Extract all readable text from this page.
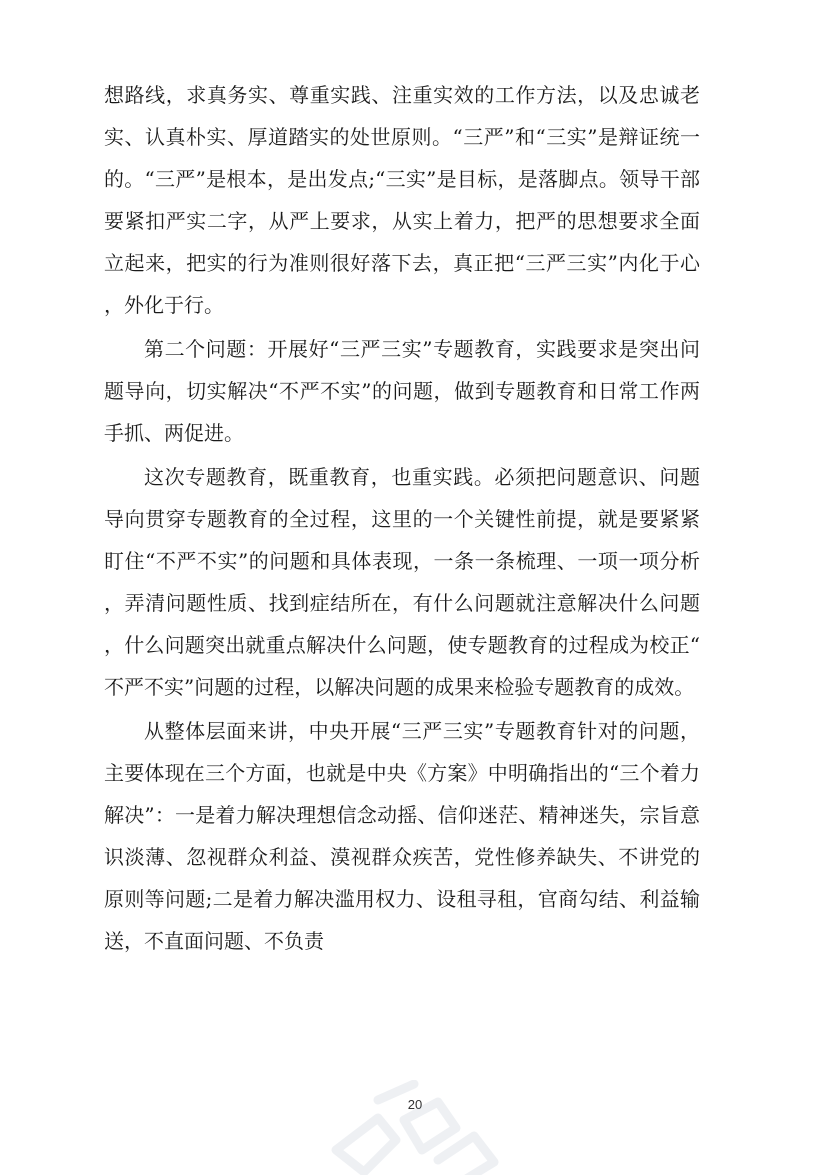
想路线，求真务实、尊重实践、注重实效的工作方法，以及忠诚老实、认真朴实、厚道踏实的处世原则。“三严”和“三实”是辩证统一的。“三严”是根本，是出发点;“三实”是目标，是落脚点。领导干部要紧扣严实二字，从严上要求，从实上着力，把严的思想要求全面立起来，把实的行为准则很好落下去，真正把“三严三实”内化于心，外化于行。

第二个问题：开展好“三严三实”专题教育，实践要求是突出问题导向，切实解决“不严不实”的问题，做到专题教育和日常工作两手抓、两促进。

这次专题教育，既重教育，也重实践。必须把问题意识、问题导向贯穿专题教育的全过程，这里的一个关键性前提，就是要紧紧盯住“不严不实”的问题和具体表现，一条一条梳理、一项一项分析，弄清问题性质、找到症结所在，有什么问题就注意解决什么问题，什么问题突出就重点解决什么问题，使专题教育的过程成为校正“不严不实”问题的过程，以解决问题的成果来检验专题教育的成效。

从整体层面来讲，中央开展“三严三实”专题教育针对的问题，主要体现在三个方面，也就是中央《方案》中明确指出的“三个着力解决”：一是着力解决理想信念动摇、信仰迷茫、精神迷失，宗旨意识淡薄、忽视群众利益、漠视群众疾苦，党性修养缺失、不讲党的原则等问题;二是着力解决滥用权力、设租寻租，官商勾结、利益输送，不直面问题、不负责

20
